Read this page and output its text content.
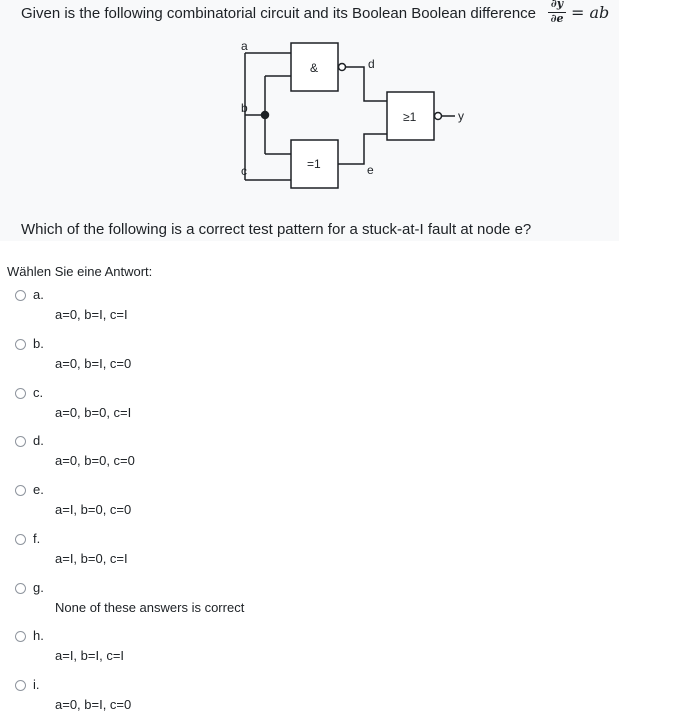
Given is the following combinatorial circuit and its Boolean Boolean difference
∂y
∂e = ab
a
b
c
d
e
y
&
=1
≥1
Which of the following is a correct test pattern for a stuck-at-I fault at node e?
Wählen Sie eine Antwort:
a.
a=0, b=I, c=I
b.
a=0, b=I, c=0
c.
a=0, b=0, c=I
d.
a=0, b=0, c=0
e.
a=I, b=0, c=0
f.
a=I, b=0, c=I
g.
None of these answers is correct
h.
a=I, b=I, c=I
i.
a=0, b=I, c=0
